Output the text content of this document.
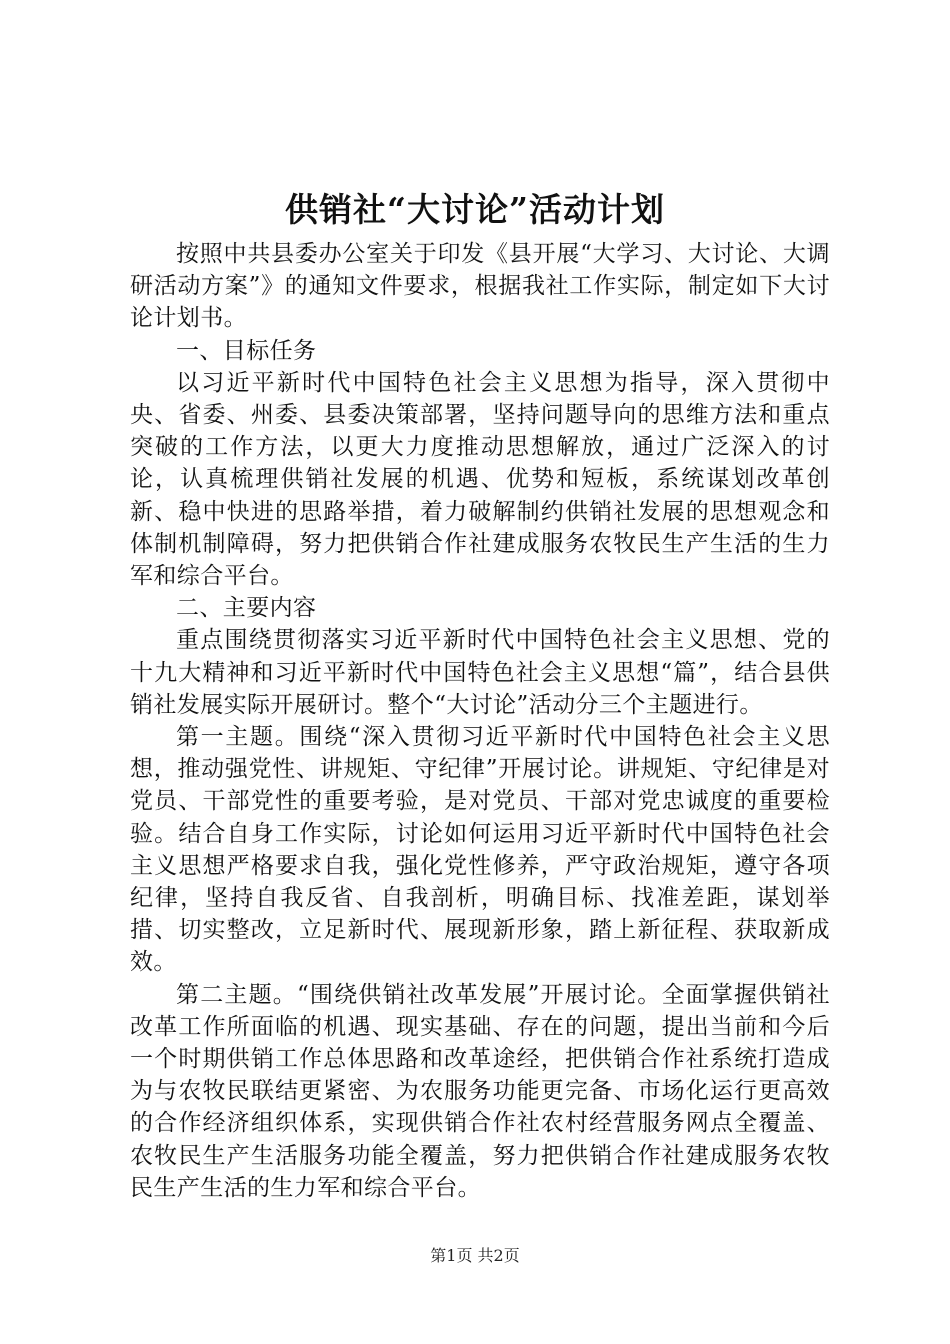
供销社“大讨论”活动计划

按照中共县委办公室关于印发《县开展“大学习、大讨论、大调研活动方案”》的通知文件要求，根据我社工作实际，制定如下大讨论计划书。

一、目标任务

以习近平新时代中国特色社会主义思想为指导，深入贯彻中央、省委、州委、县委决策部署，坚持问题导向的思维方法和重点突破的工作方法，以更大力度推动思想解放，通过广泛深入的讨论，认真梳理供销社发展的机遇、优势和短板，系统谋划改革创新、稳中快进的思路举措，着力破解制约供销社发展的思想观念和体制机制障碍，努力把供销合作社建成服务农牧民生产生活的生力军和综合平台。

二、主要内容

重点围绕贯彻落实习近平新时代中国特色社会主义思想、党的十九大精神和习近平新时代中国特色社会主义思想“篇”，结合县供销社发展实际开展研讨。整个“大讨论”活动分三个主题进行。

第一主题。围绕“深入贯彻习近平新时代中国特色社会主义思想，推动强党性、讲规矩、守纪律”开展讨论。讲规矩、守纪律是对党员、干部党性的重要考验，是对党员、干部对党忠诚度的重要检验。结合自身工作实际，讨论如何运用习近平新时代中国特色社会主义思想严格要求自我，强化党性修养，严守政治规矩，遵守各项纪律，坚持自我反省、自我剖析，明确目标、找准差距，谋划举措、切实整改，立足新时代、展现新形象，踏上新征程、获取新成效。

第二主题。“围绕供销社改革发展”开展讨论。全面掌握供销社改革工作所面临的机遇、现实基础、存在的问题，提出当前和今后一个时期供销工作总体思路和改革途经，把供销合作社系统打造成为与农牧民联结更紧密、为农服务功能更完备、市场化运行更高效的合作经济组织体系，实现供销合作社农村经营服务网点全覆盖、农牧民生产生活服务功能全覆盖，努力把供销合作社建成服务农牧民生产生活的生力军和综合平台。

第1页 共2页
